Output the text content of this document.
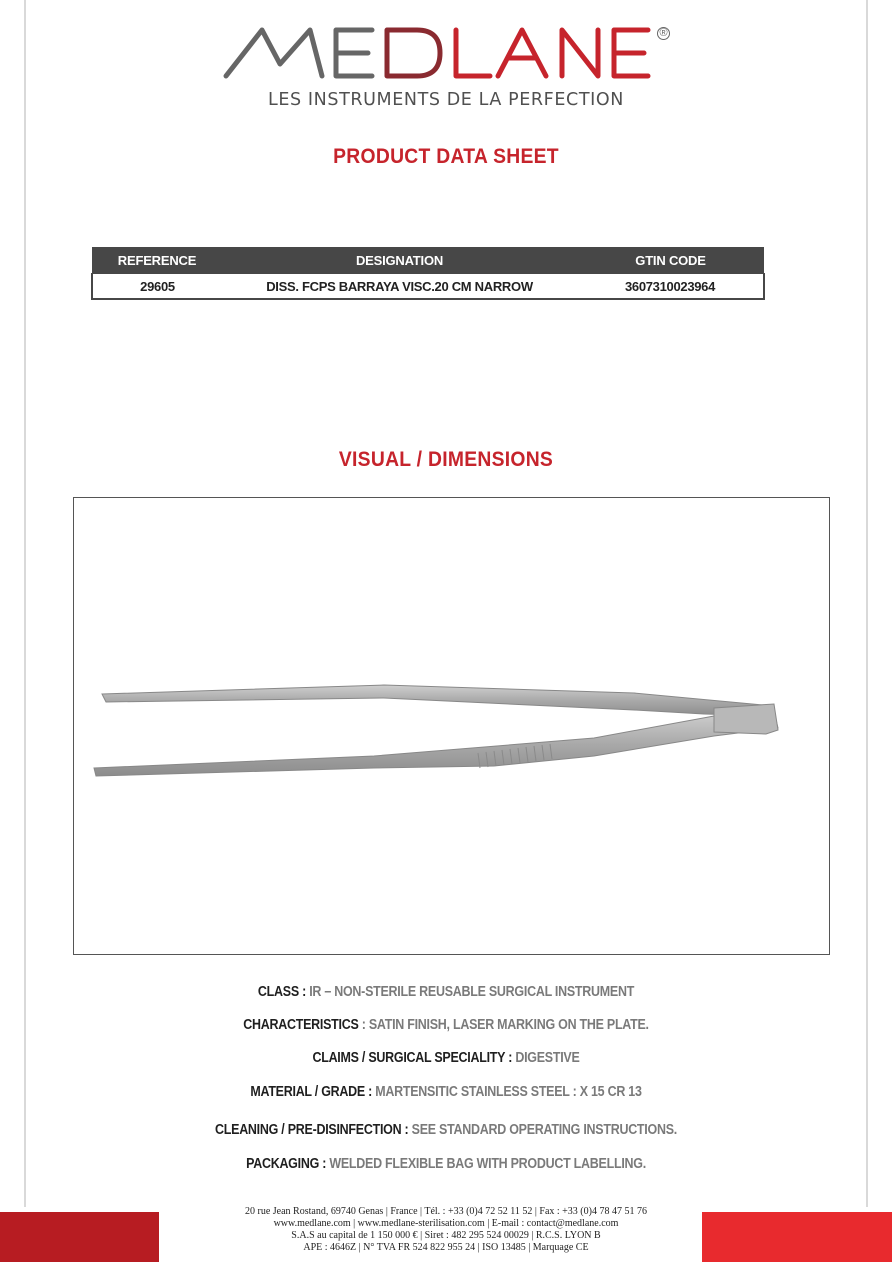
®
LES INSTRUMENTS DE LA PERFECTION
PRODUCT DATA SHEET
REFERENCE	DESIGNATION	GTIN CODE
29605	DISS. FCPS BARRAYA VISC.20 CM NARROW	3607310023964
VISUAL / DIMENSIONS
CLASS : IR – NON-STERILE REUSABLE SURGICAL INSTRUMENT
CHARACTERISTICS : SATIN FINISH, LASER MARKING ON THE PLATE.
CLAIMS / SURGICAL SPECIALITY : DIGESTIVE
MATERIAL / GRADE : MARTENSITIC STAINLESS STEEL : X 15 CR 13
CLEANING / PRE-DISINFECTION : SEE STANDARD OPERATING INSTRUCTIONS.
PACKAGING : WELDED FLEXIBLE BAG WITH PRODUCT LABELLING.
20 rue Jean Rostand, 69740 Genas | France | Tél. : +33 (0)4 72 52 11 52 | Fax : +33 (0)4 78 47 51 76
www.medlane.com | www.medlane-sterilisation.com | E-mail : contact@medlane.com
S.A.S au capital de 1 150 000 € | Siret : 482 295 524 00029 | R.C.S. LYON B
APE : 4646Z | N° TVA FR 524 822 955 24 | ISO 13485 | Marquage CE
